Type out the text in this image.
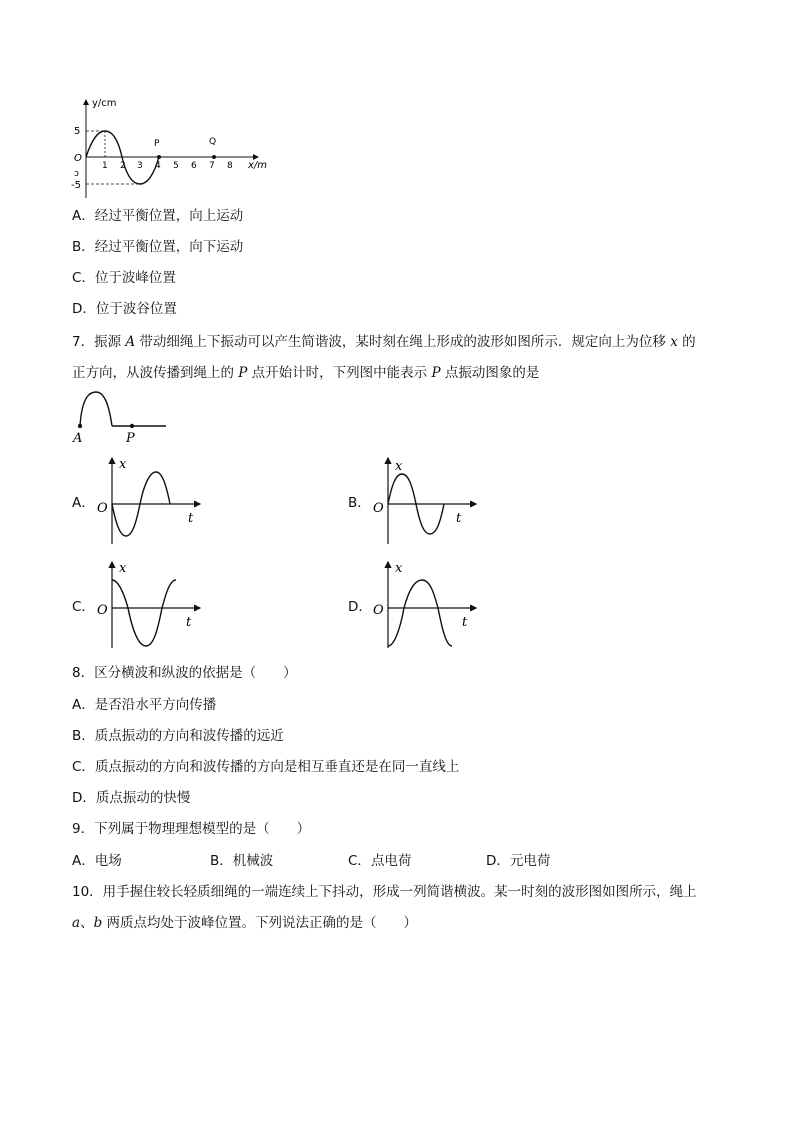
y/cm
x/m
O
5
-5
1 2 3 4 5 6 7 8
P	Q
ɔ
A．经过平衡位置，向上运动
B．经过平衡位置，向下运动
C．位于波峰位置
D．位于波谷位置
7．振源 A 带动细绳上下振动可以产生简谐波，某时刻在绳上形成的波形如图所示．规定向上为位移 x 的
正方向，从波传播到绳上的 P 点开始计时，下列图中能表示 P 点振动图象的是
A	P
A．
x
O
t
B．
x
O
t
C．
x
O
t
D．
x
O
t
8．区分横波和纵波的依据是（　　）
A．是否沿水平方向传播
B．质点振动的方向和波传播的远近
C．质点振动的方向和波传播的方向是相互垂直还是在同一直线上
D．质点振动的快慢
9．下列属于物理理想模型的是（　　）
A．电场	B．机械波	C．点电荷	D．元电荷
10．用手握住较长轻质细绳的一端连续上下抖动，形成一列简谐横波。某一时刻的波形图如图所示，绳上
a、b 两质点均处于波峰位置。下列说法正确的是（　　）
